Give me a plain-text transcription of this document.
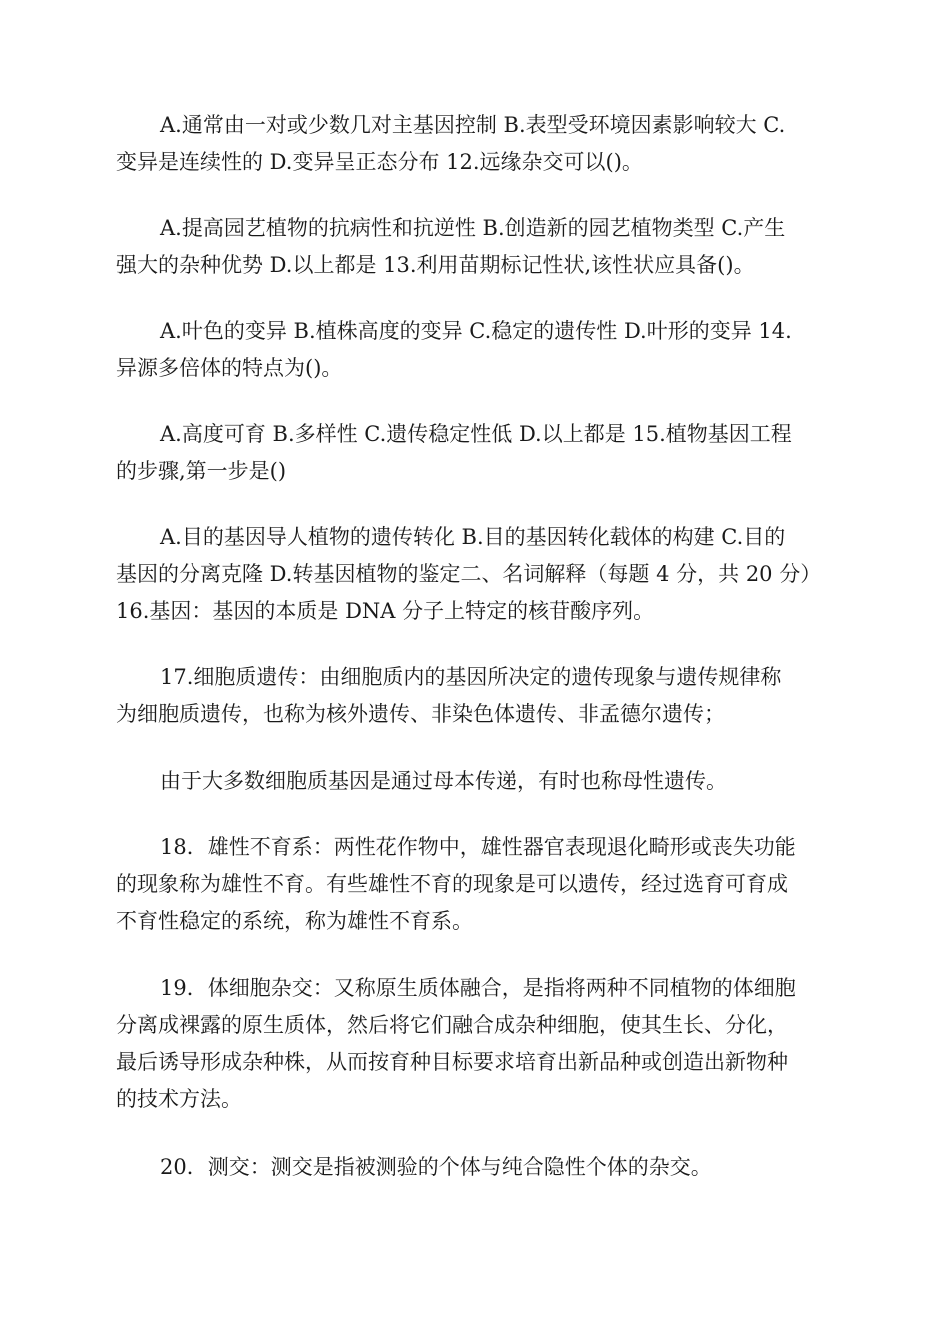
A.通常由一对或少数几对主基因控制 B.表型受环境因素影响较大 C.
变异是连续性的 D.变异呈正态分布 12.远缘杂交可以()。

A.提高园艺植物的抗病性和抗逆性 B.创造新的园艺植物类型 C.产生
强大的杂种优势 D.以上都是 13.利用苗期标记性状,该性状应具备()。

A.叶色的变异 B.植株高度的变异 C.稳定的遗传性 D.叶形的变异 14.
异源多倍体的特点为()。

A.高度可育 B.多样性 C.遗传稳定性低 D.以上都是 15.植物基因工程
的步骤,第一步是()

A.目的基因导人植物的遗传转化 B.目的基因转化载体的构建 C.目的
基因的分离克隆 D.转基因植物的鉴定二、名词解释（每题 4 分，共 20 分）
16.基因：基因的本质是 DNA 分子上特定的核苷酸序列。

17.细胞质遗传：由细胞质内的基因所决定的遗传现象与遗传规律称
为细胞质遗传，也称为核外遗传、非染色体遗传、非孟德尔遗传；

由于大多数细胞质基因是通过母本传递，有时也称母性遗传。

18．雄性不育系：两性花作物中，雄性器官表现退化畸形或丧失功能
的现象称为雄性不育。有些雄性不育的现象是可以遗传，经过选育可育成
不育性稳定的系统，称为雄性不育系。

19．体细胞杂交：又称原生质体融合，是指将两种不同植物的体细胞
分离成裸露的原生质体，然后将它们融合成杂种细胞，使其生长、分化，
最后诱导形成杂种株，从而按育种目标要求培育出新品种或创造出新物种
的技术方法。

20．测交：测交是指被测验的个体与纯合隐性个体的杂交。
